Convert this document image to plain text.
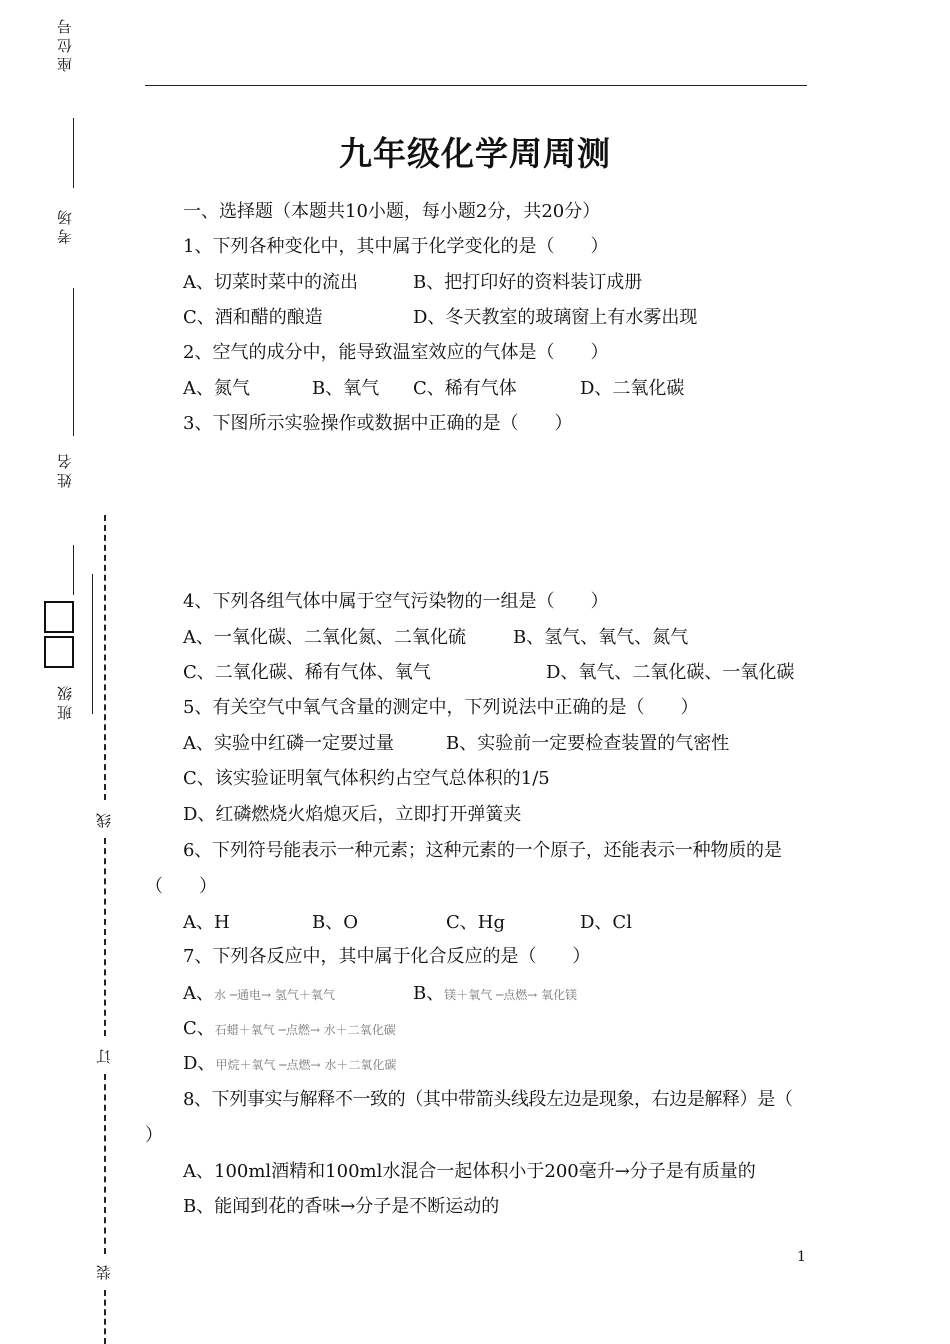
座位号
考场
姓名
班级
线
订
装
九年级化学周周测
一、选择题（本题共10小题，每小题2分，共20分）
1、下列各种变化中，其中属于化学变化的是（　　）
A、切菜时菜中的流出	B、把打印好的资料装订成册
C、酒和醋的酿造	D、冬天教室的玻璃窗上有水雾出现
2、空气的成分中，能导致温室效应的气体是（　　）
A、氮气	B、氧气 C、稀有气体	D、二氧化碳
3、下图所示实验操作或数据中正确的是（　　）
4、下列各组气体中属于空气污染物的一组是（　　）
A、一氧化碳、二氧化氮、二氧化硫	B、氢气、氧气、氮气
C、二氧化碳、稀有气体、氧气	D、氧气、二氧化碳、一氧化碳
5、有关空气中氧气含量的测定中，下列说法中正确的是（　　）
A、实验中红磷一定要过量	B、实验前一定要检查装置的气密性
C、该实验证明氧气体积约占空气总体积的1/5
D、红磷燃烧火焰熄灭后，立即打开弹簧夹
6、下列符号能表示一种元素；这种元素的一个原子，还能表示一种物质的是
（　　）
A、H	B、O	C、Hg	D、Cl
7、下列各反应中，其中属于化合反应的是（　　）
A、水 ─通电→ 氢气＋氧气	B、镁＋氧气 ─点燃→ 氧化镁
C、石蜡＋氧气 ─点燃→ 水＋二氧化碳
D、甲烷＋氧气 ─点燃→ 水＋二氧化碳
8、下列事实与解释不一致的（其中带箭头线段左边是现象，右边是解释）是（
）
A、100ml酒精和100ml水混合一起体积小于200毫升→分子是有质量的
B、能闻到花的香味→分子是不断运动的
1
